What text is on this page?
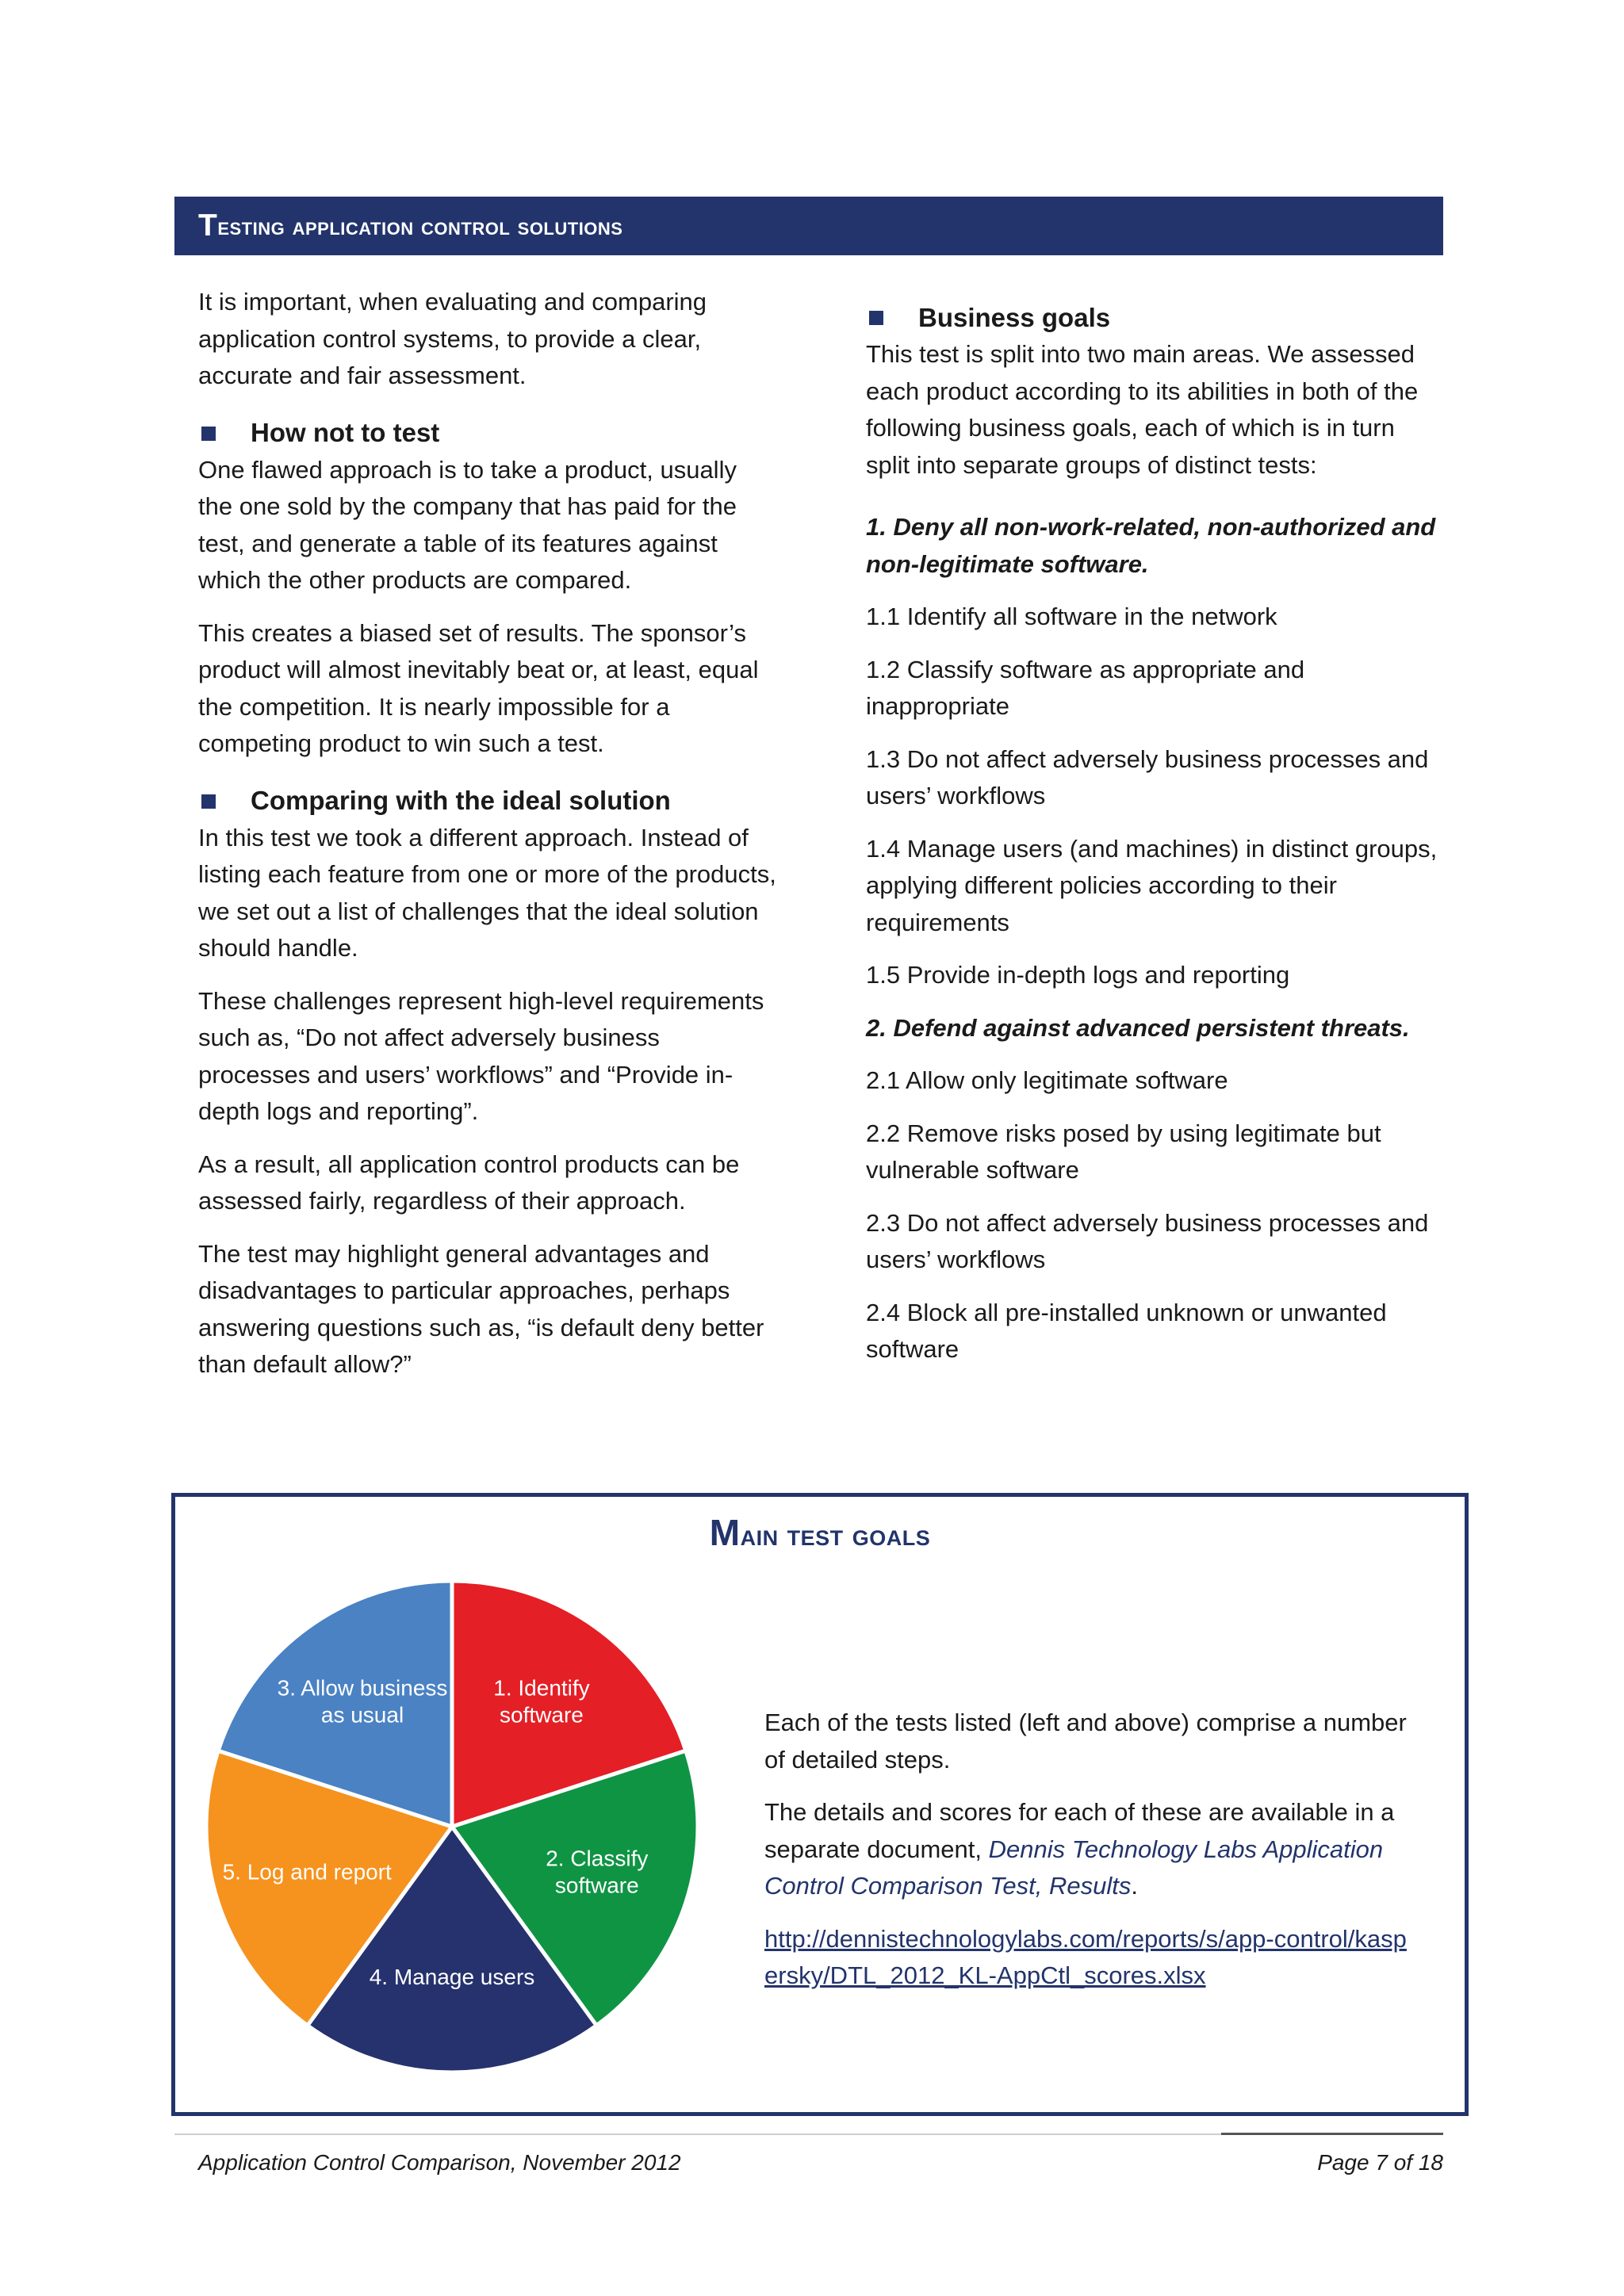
T esting application control solutions

It is important, when evaluating and comparing application control systems, to provide a clear, accurate and fair assessment.

How not to test

One flawed approach is to take a product, usually the one sold by the company that has paid for the test, and generate a table of its features against which the other products are compared.

This creates a biased set of results. The sponsor’s product will almost inevitably beat or, at least, equal the competition. It is nearly impossible for a competing product to win such a test.

Comparing with the ideal solution

In this test we took a different approach. Instead of listing each feature from one or more of the products, we set out a list of challenges that the ideal solution should handle.

These challenges represent high-level requirements such as, “Do not affect adversely business processes and users’ workflows” and “Provide in-depth logs and reporting”.

As a result, all application control products can be assessed fairly, regardless of their approach.

The test may highlight general advantages and disadvantages to particular approaches, perhaps answering questions such as, “is default deny better than default allow?”

Business goals

This test is split into two main areas. We assessed each product according to its abilities in both of the following business goals, each of which is in turn split into separate groups of distinct tests:

1. Deny all non-work-related, non-authorized and non-legitimate software.

1.1 Identify all software in the network

1.2 Classify software as appropriate and inappropriate

1.3 Do not affect adversely business processes and users’ workflows

1.4 Manage users (and machines) in distinct groups, applying different policies according to their requirements

1.5 Provide in-depth logs and reporting

2. Defend against advanced persistent threats.

2.1 Allow only legitimate software

2.2 Remove risks posed by using legitimate but vulnerable software

2.3 Do not affect adversely business processes and users’ workflows

2.4 Block all pre-installed unknown or unwanted software

Main test goals
1. Identify software
2. Classify software
4. Manage users
5. Log and report
3. Allow business as usual	Each of the tests listed (left and above) comprise a number of detailed steps.

The details and scores for each of these are available in a separate document, Dennis Technology Labs Application Control Comparison Test, Results.

http://dennistechnologylabs.com/reports/s/app-control/kaspersky/DTL_2012_KL-AppCtl_scores.xlsx

Application Control Comparison, November 2012	Page 7 of 18
